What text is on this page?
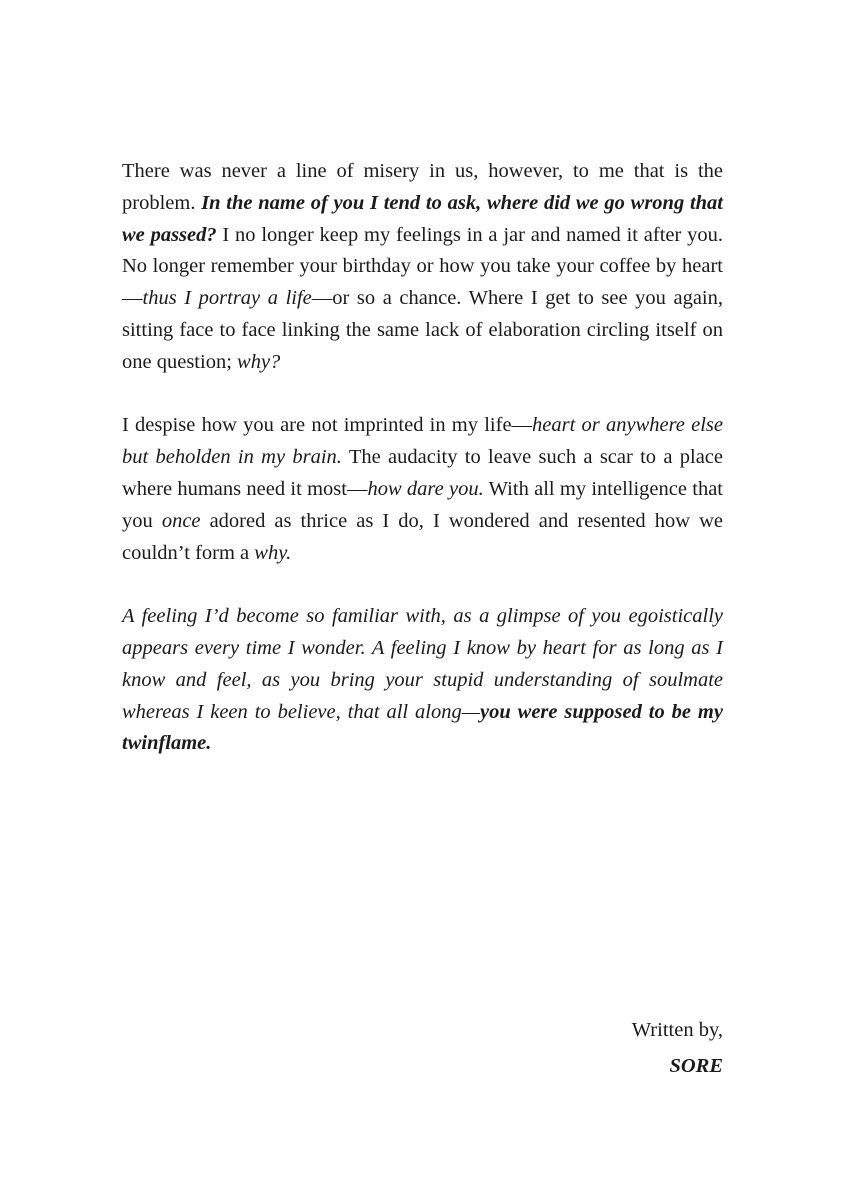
There was never a line of misery in us, however, to me that is the problem. In the name of you I tend to ask, where did we go wrong that we passed? I no longer keep my feelings in a jar and named it after you. No longer remember your birthday or how you take your coffee by heart—thus I portray a life—or so a chance. Where I get to see you again, sitting face to face linking the same lack of elaboration circling itself on one question; why?

I despise how you are not imprinted in my life—heart or anywhere else but beholden in my brain. The audacity to leave such a scar to a place where humans need it most—how dare you. With all my intelligence that you once adored as thrice as I do, I wondered and resented how we couldn’t form a why.

A feeling I’d become so familiar with, as a glimpse of you egoistically appears every time I wonder. A feeling I know by heart for as long as I know and feel, as you bring your stupid understanding of soulmate whereas I keen to believe, that all along—you were supposed to be my twinflame.

Written by,
SORE
